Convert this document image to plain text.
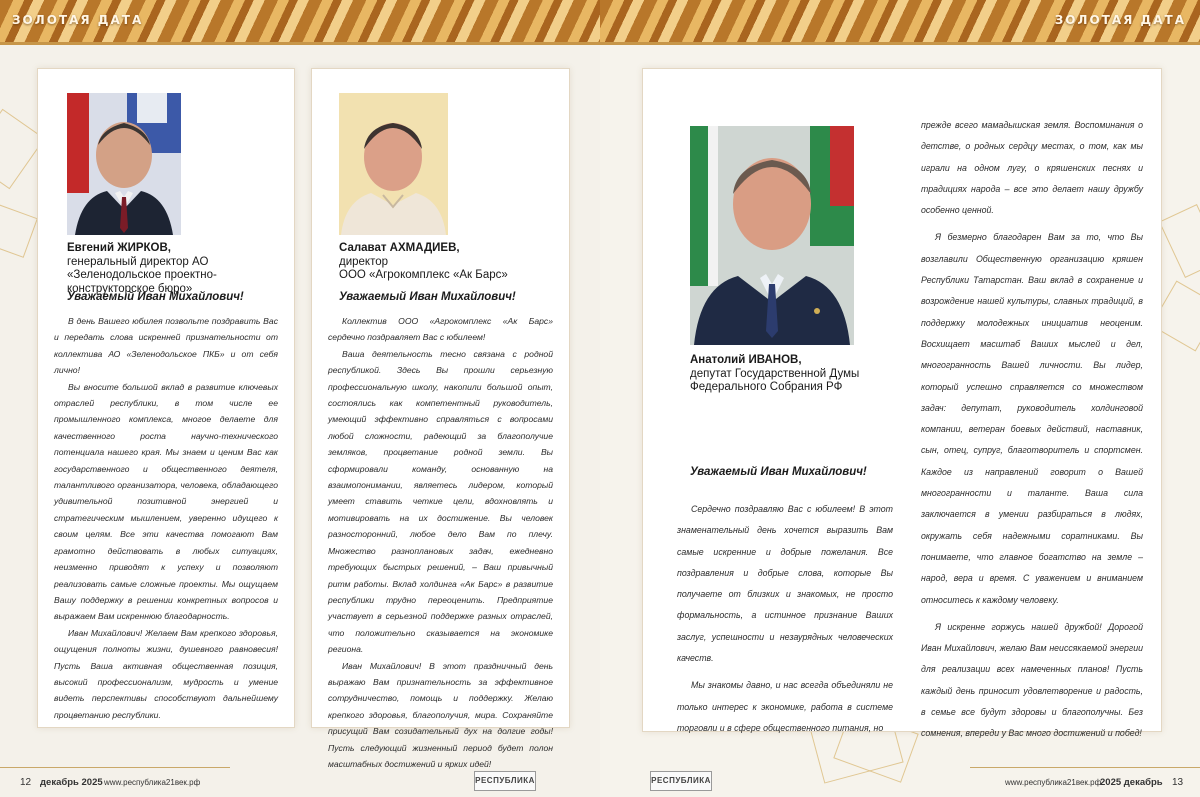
ЗОЛОТАЯ ДАТА
Евгений ЖИРКОВ,
генеральный директор АО «Зеленодольское проектно-конструкторское бюро»
Уважаемый Иван Михайлович!

В день Вашего юбилея позвольте поздравить Вас и передать слова искренней признательности от коллектива АО «Зеленодольское ПКБ» и от себя лично!

Вы вносите большой вклад в развитие ключевых отраслей республики, в том числе ее промышленного комплекса, многое делаете для качественного роста научно-технического потенциала нашего края. Мы знаем и ценим Вас как государственного и общественного деятеля, талантливого организатора, человека, обладающего удивительной позитивной энергией и стратегическим мышлением, уверенно идущего к своим целям. Все эти качества помогают Вам грамотно действовать в любых ситуациях, неизменно приводят к успеху и позволяют реализовать самые сложные проекты. Мы ощущаем Вашу поддержку в решении конкретных вопросов и выражаем Вам искреннюю благодарность.

Иван Михайлович! Желаем Вам крепкого здоровья, ощущения полноты жизни, душевного равновесия! Пусть Ваша активная общественная позиция, высокий профессионализм, мудрость и умение видеть перспективы способствуют дальнейшему процветанию республики.

Салават АХМАДИЕВ,
директор
ООО «Агрокомплекс «Ак Барс»
Уважаемый Иван Михайлович!

Коллектив ООО «Агрокомплекс «Ак Барс» сердечно поздравляет Вас с юбилеем!

Ваша деятельность тесно связана с родной республикой. Здесь Вы прошли серьезную профессиональную школу, накопили большой опыт, состоялись как компетентный руководитель, умеющий эффективно справляться с вопросами любой сложности, радеющий за благополучие земляков, процветание родной земли. Вы сформировали команду, основанную на взаимопонимании, являетесь лидером, который умеет ставить четкие цели, вдохновлять и мотивировать на их достижение. Вы человек разносторонний, любое дело Вам по плечу. Множество разноплановых задач, ежедневно требующих быстрых решений, – Ваш привычный ритм работы. Вклад холдинга «Ак Барс» в развитие республики трудно переоценить. Предприятие участвует в серьезной поддержке разных отраслей, что положительно сказывается на экономике региона.

Иван Михайлович! В этот праздничный день выражаю Вам признательность за эффективное сотрудничество, помощь и поддержку. Желаю крепкого здоровья, благополучия, мира. Сохраняйте присущий Вам созидательный дух на долгие годы! Пусть следующий жизненный период будет полон масштабных достижений и ярких идей!

12 декабрь 2025 www.республика21век.рф	РЕСПУБЛИКА
ЗОЛОТАЯ ДАТА
Анатолий ИВАНОВ,
депутат Государственной Думы
Федерального Собрания РФ
Уважаемый Иван Михайлович!

Сердечно поздравляю Вас с юбилеем! В этот знаменательный день хочется выразить Вам самые искренние и добрые пожелания. Все поздравления и добрые слова, которые Вы получаете от близких и знакомых, не просто формальность, а истинное признание Ваших заслуг, успешности и незаурядных человеческих качеств.

Мы знакомы давно, и нас всегда объединяли не только интерес к экономике, работа в системе торговли и в сфере общественного питания, но

прежде всего мамадышская земля. Воспоминания о детстве, о родных сердцу местах, о том, как мы играли на одном лугу, о кряшенских песнях и традициях народа – все это делает нашу дружбу особенно ценной.

Я безмерно благодарен Вам за то, что Вы возглавили Общественную организацию кряшен Республики Татарстан. Ваш вклад в сохранение и возрождение нашей культуры, славных традиций, в поддержку молодежных инициатив неоценим. Восхищает масштаб Ваших мыслей и дел, многогранность Вашей личности. Вы лидер, который успешно справляется со множеством задач: депутат, руководитель холдинговой компании, ветеран боевых действий, наставник, сын, отец, супруг, благотворитель и спортсмен. Каждое из направлений говорит о Вашей многогранности и таланте. Ваша сила заключается в умении разбираться в людях, окружать себя надежными соратниками. Вы понимаете, что главное богатство на земле – народ, вера и время. С уважением и вниманием относитесь к каждому человеку.

Я искренне горжусь нашей дружбой! Дорогой Иван Михайлович, желаю Вам неиссякаемой энергии для реализации всех намеченных планов! Пусть каждый день приносит удовлетворение и радость, в семье все будут здоровы и благополучны. Без сомнения, впереди у Вас много достижений и побед!

РЕСПУБЛИКА	www.республика21век.рф
2025 декабрь 13
